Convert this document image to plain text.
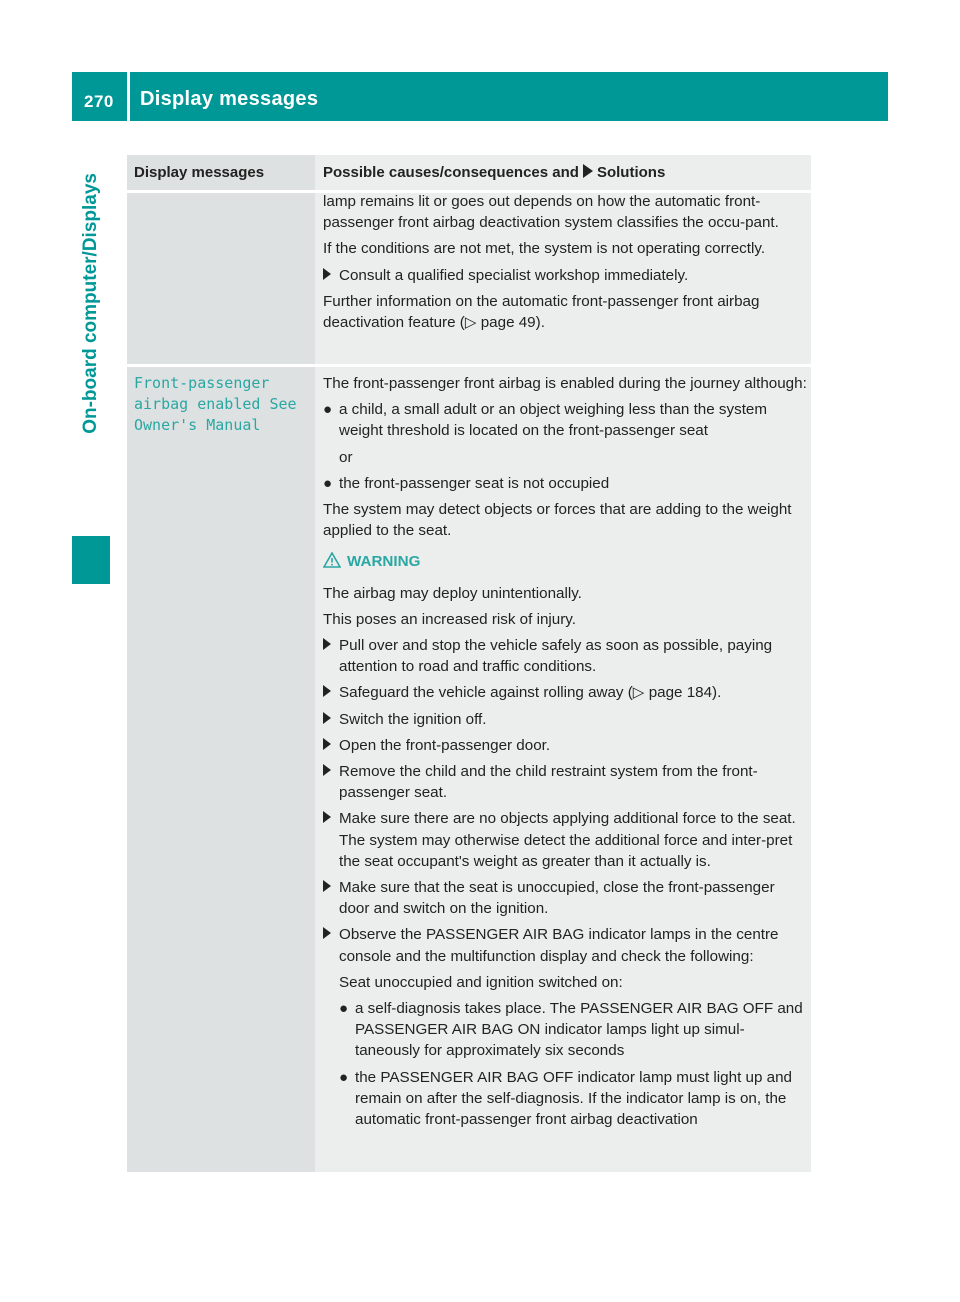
270 Display messages
On-board computer/Displays
Display messages	Possible causes/consequences and Solutions

lamp remains lit or goes out depends on how the automatic front-passenger front airbag deactivation system classifies the occu-pant.

If the conditions are not met, the system is not operating correctly.

Consult a qualified specialist workshop immediately.

Further information on the automatic front-passenger front airbag deactivation feature (▷ page 49).

Front-passenger
airbag enabled See
Owner's Manual

The front-passenger front airbag is enabled during the journey although:

● a child, a small adult or an object weighing less than the system weight threshold is located on the front-passenger seat

or

● the front-passenger seat is not occupied

The system may detect objects or forces that are adding to the weight applied to the seat.

WARNING

The airbag may deploy unintentionally.

This poses an increased risk of injury.

Pull over and stop the vehicle safely as soon as possible, paying attention to road and traffic conditions.
Safeguard the vehicle against rolling away (▷ page 184).
Switch the ignition off.
Open the front-passenger door.
Remove the child and the child restraint system from the front-passenger seat.
Make sure there are no objects applying additional force to the seat.
The system may otherwise detect the additional force and inter-pret the seat occupant's weight as greater than it actually is.
Make sure that the seat is unoccupied, close the front-passenger door and switch on the ignition.
Observe the PASSENGER AIR BAG indicator lamps in the centre console and the multifunction display and check the following:

Seat unoccupied and ignition switched on:

● a self-diagnosis takes place. The PASSENGER AIR BAG OFF and PASSENGER AIR BAG ON indicator lamps light up simul-taneously for approximately six seconds
● the PASSENGER AIR BAG OFF indicator lamp must light up and remain on after the self-diagnosis. If the indicator lamp is on, the automatic front-passenger front airbag deactivation
